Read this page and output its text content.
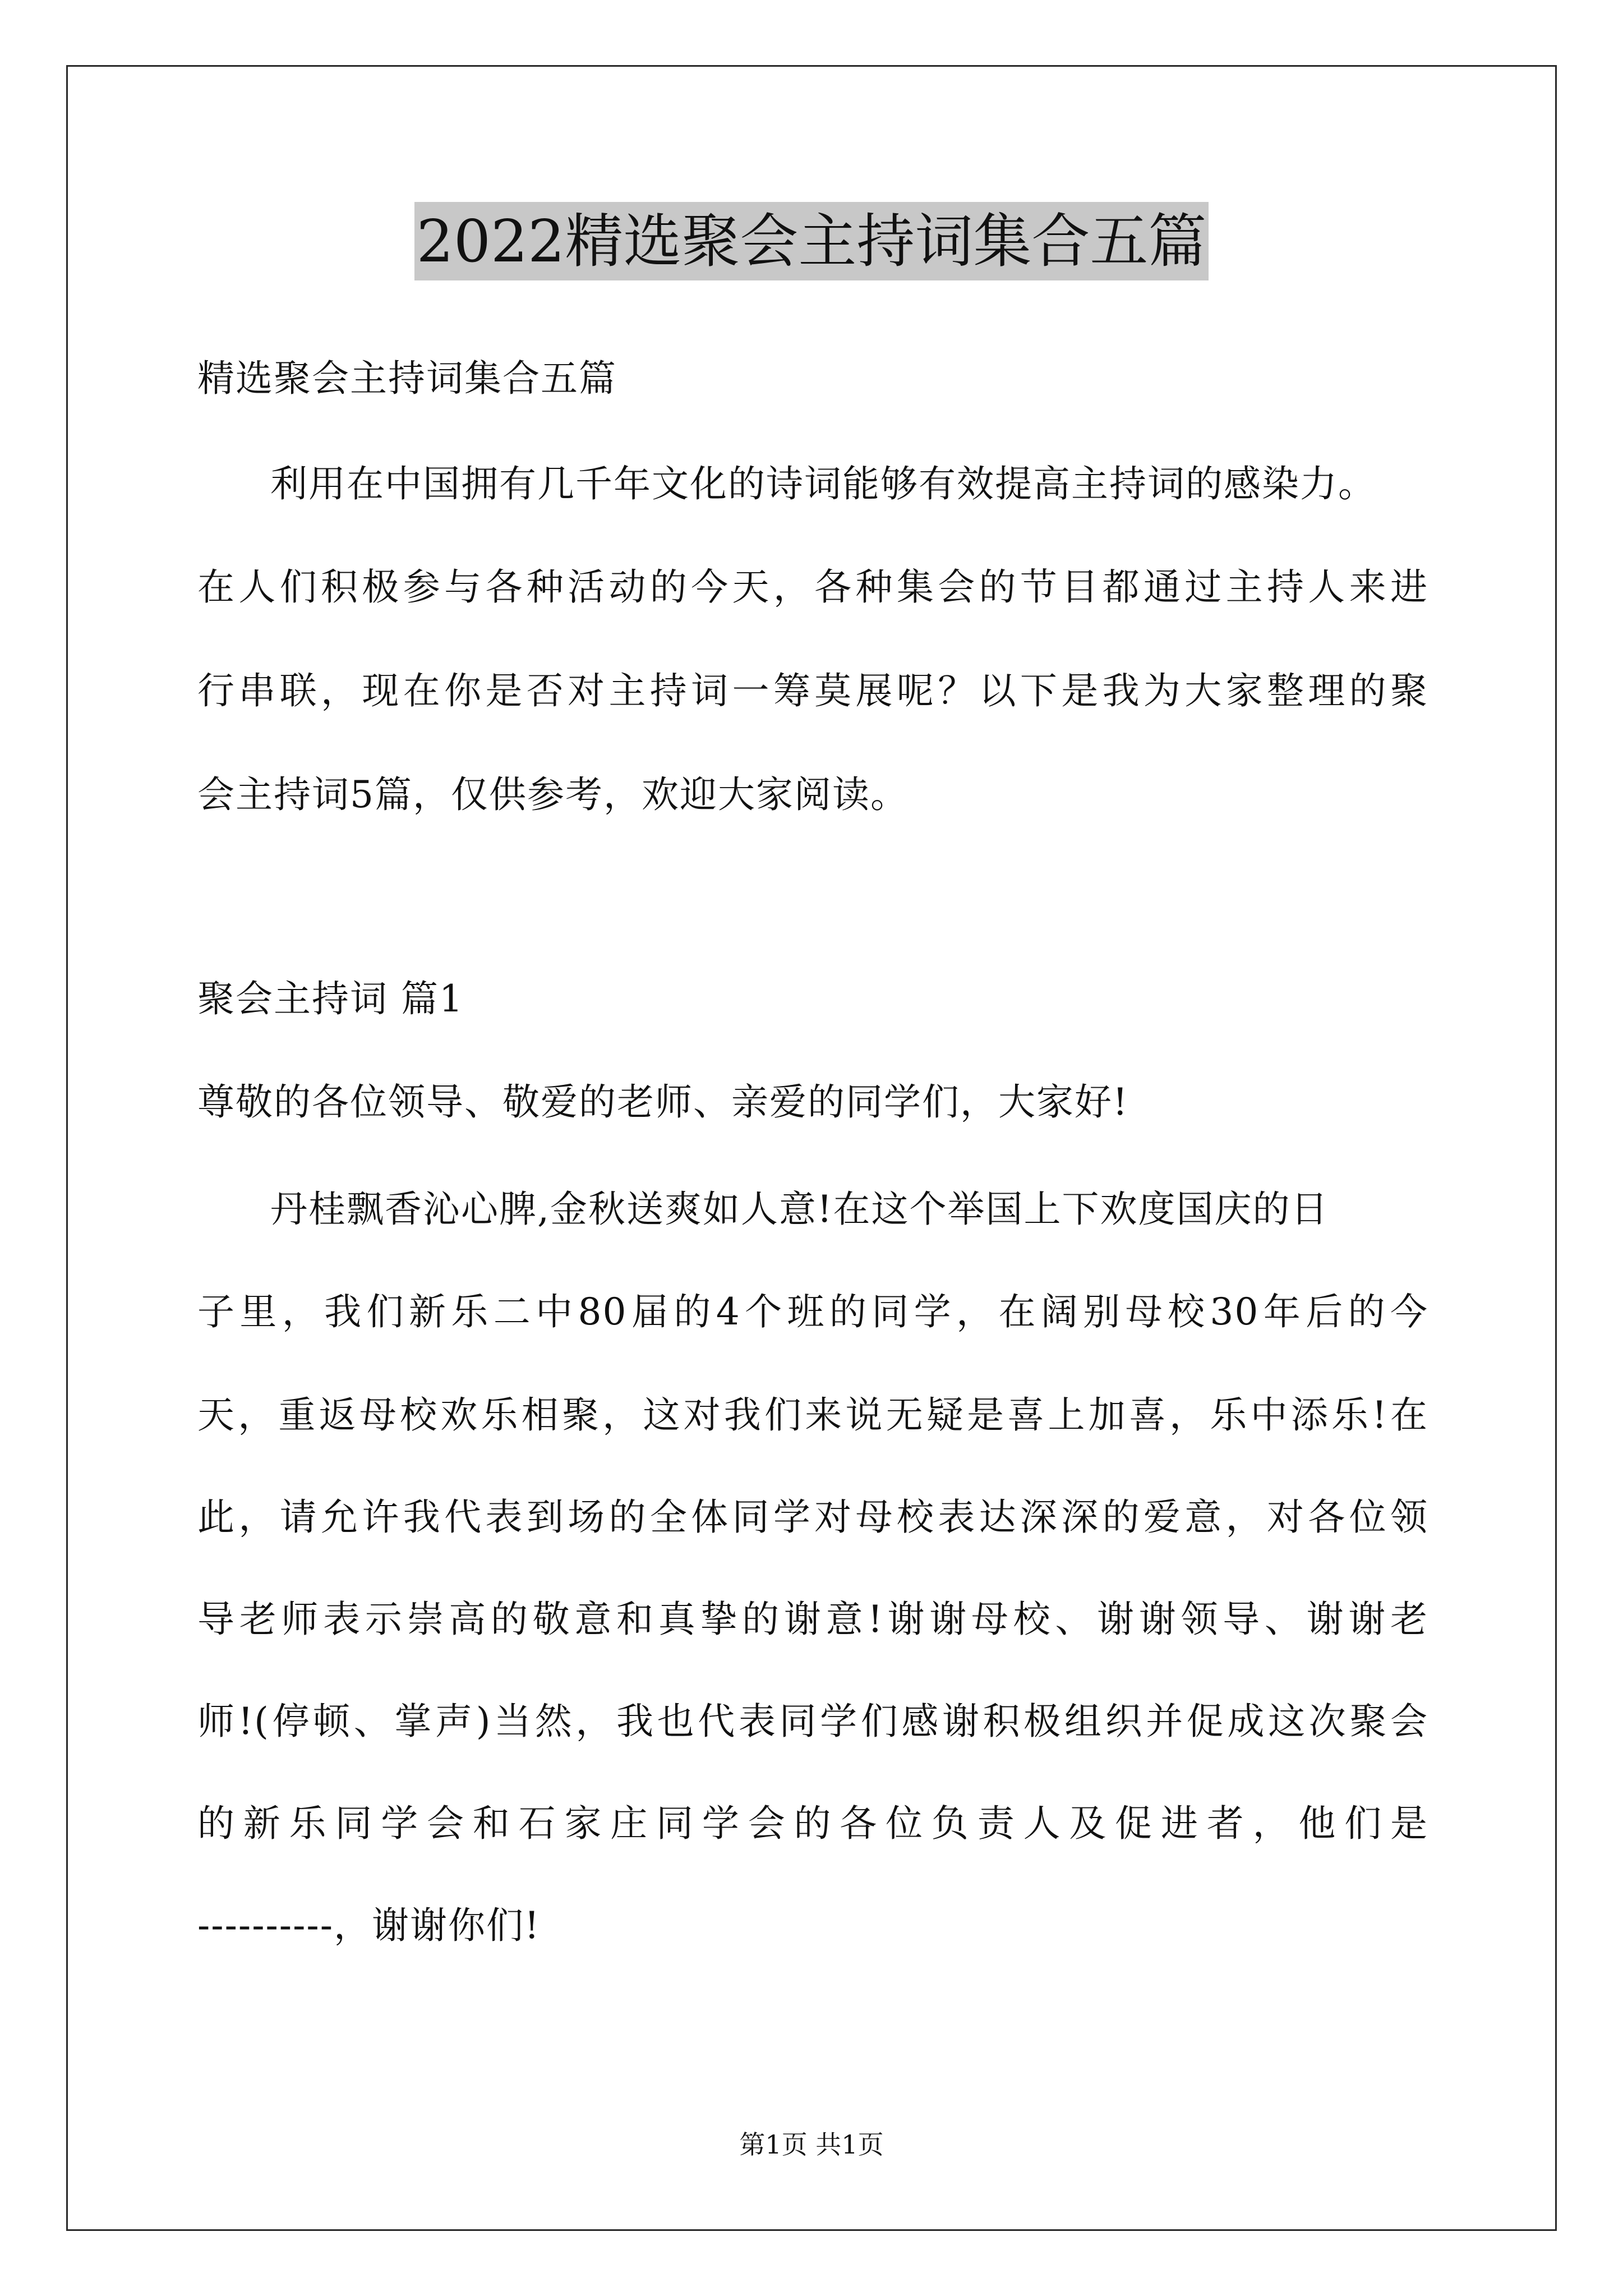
2022精选聚会主持词集合五篇
精选聚会主持词集合五篇
利用在中国拥有几千年文化的诗词能够有效提高主持词的感染力。
在人们积极参与各种活动的今天，各种集会的节目都通过主持人来进
行串联，现在你是否对主持词一筹莫展呢？以下是我为大家整理的聚
会主持词5篇，仅供参考，欢迎大家阅读。
聚会主持词 篇1
尊敬的各位领导、敬爱的老师、亲爱的同学们，大家好!
丹桂飘香沁心脾,金秋送爽如人意!在这个举国上下欢度国庆的日
子里，我们新乐二中80届的4个班的同学，在阔别母校30年后的今
天，重返母校欢乐相聚，这对我们来说无疑是喜上加喜，乐中添乐!在
此，请允许我代表到场的全体同学对母校表达深深的爱意，对各位领
导老师表示崇高的敬意和真挚的谢意!谢谢母校、谢谢领导、谢谢老
师!(停顿、掌声)当然，我也代表同学们感谢积极组织并促成这次聚会
的新乐同学会和石家庄同学会的各位负责人及促进者，他们是
----------，谢谢你们!
第1页 共1页
